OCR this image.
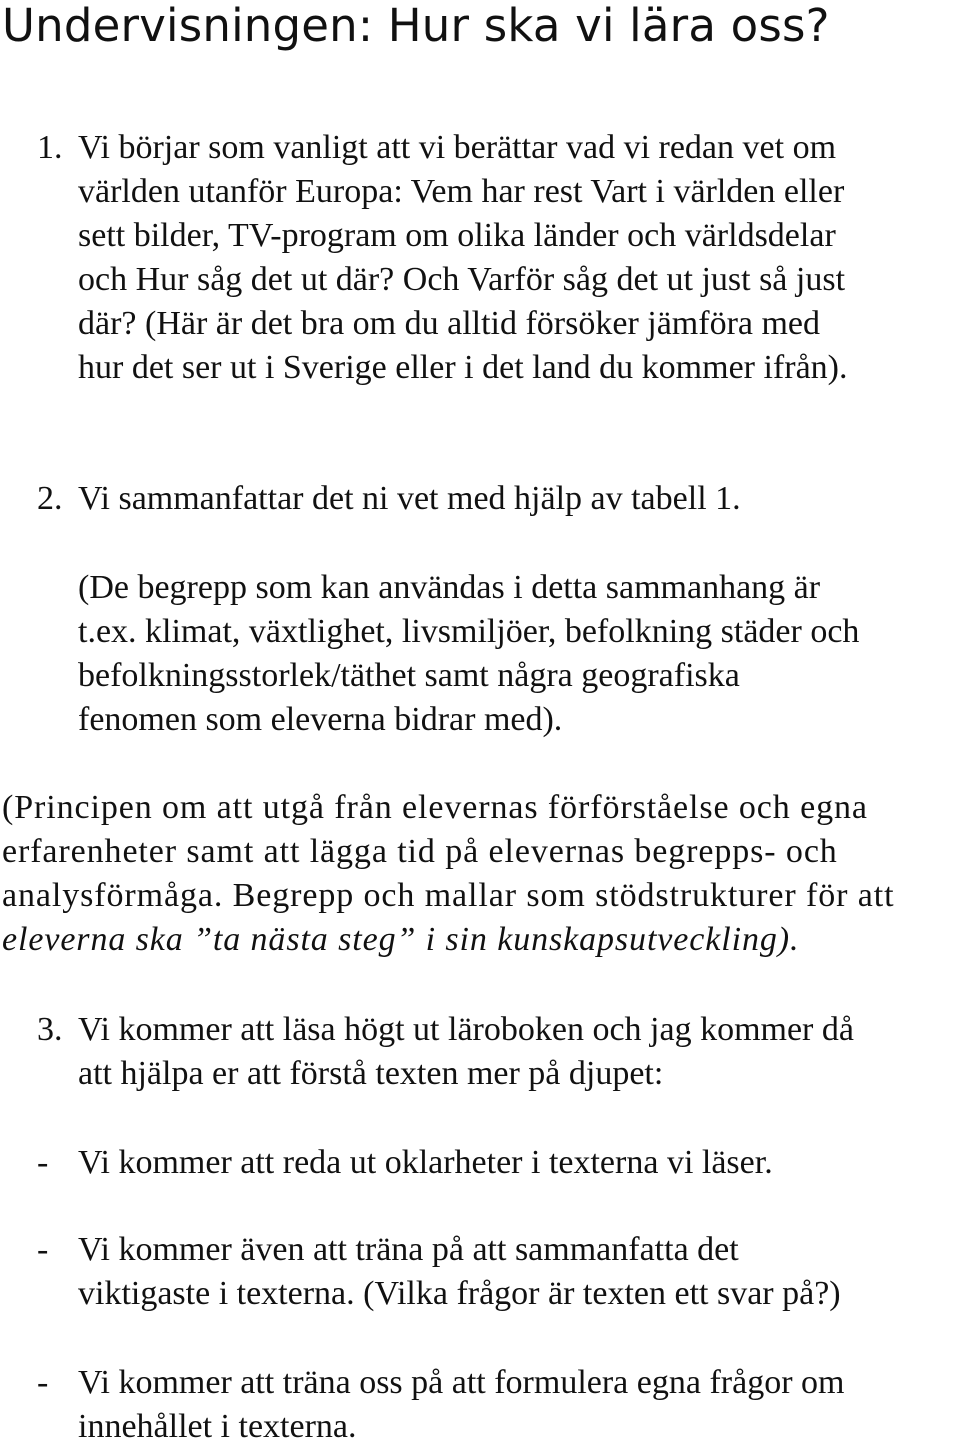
Undervisningen: Hur ska vi lära oss?
1. Vi börjar som vanligt att vi berättar vad vi redan vet om
världen utanför Europa: Vem har rest Vart i världen eller
sett bilder, TV-program om olika länder och världsdelar
och Hur såg det ut där? Och Varför såg det ut just så just
där? (Här är det bra om du alltid försöker jämföra med
hur det ser ut i Sverige eller i det land du kommer ifrån).
2. Vi sammanfattar det ni vet med hjälp av tabell 1.
(De begrepp som kan användas i detta sammanhang är
t.ex. klimat, växtlighet, livsmiljöer, befolkning städer och
befolkningsstorlek/täthet samt några geografiska
fenomen som eleverna bidrar med).
(Principen om att utgå från elevernas förförståelse och egna
erfarenheter samt att lägga tid på elevernas begrepps- och
analysförmåga. Begrepp och mallar som stödstrukturer för att
eleverna ska ”ta nästa steg” i sin kunskapsutveckling).
3. Vi kommer att läsa högt ut läroboken och jag kommer då
att hjälpa er att förstå texten mer på djupet:
- Vi kommer att reda ut oklarheter i texterna vi läser.
- Vi kommer även att träna på att sammanfatta det
viktigaste i texterna. (Vilka frågor är texten ett svar på?)
- Vi kommer att träna oss på att formulera egna frågor om
innehållet i texterna.
